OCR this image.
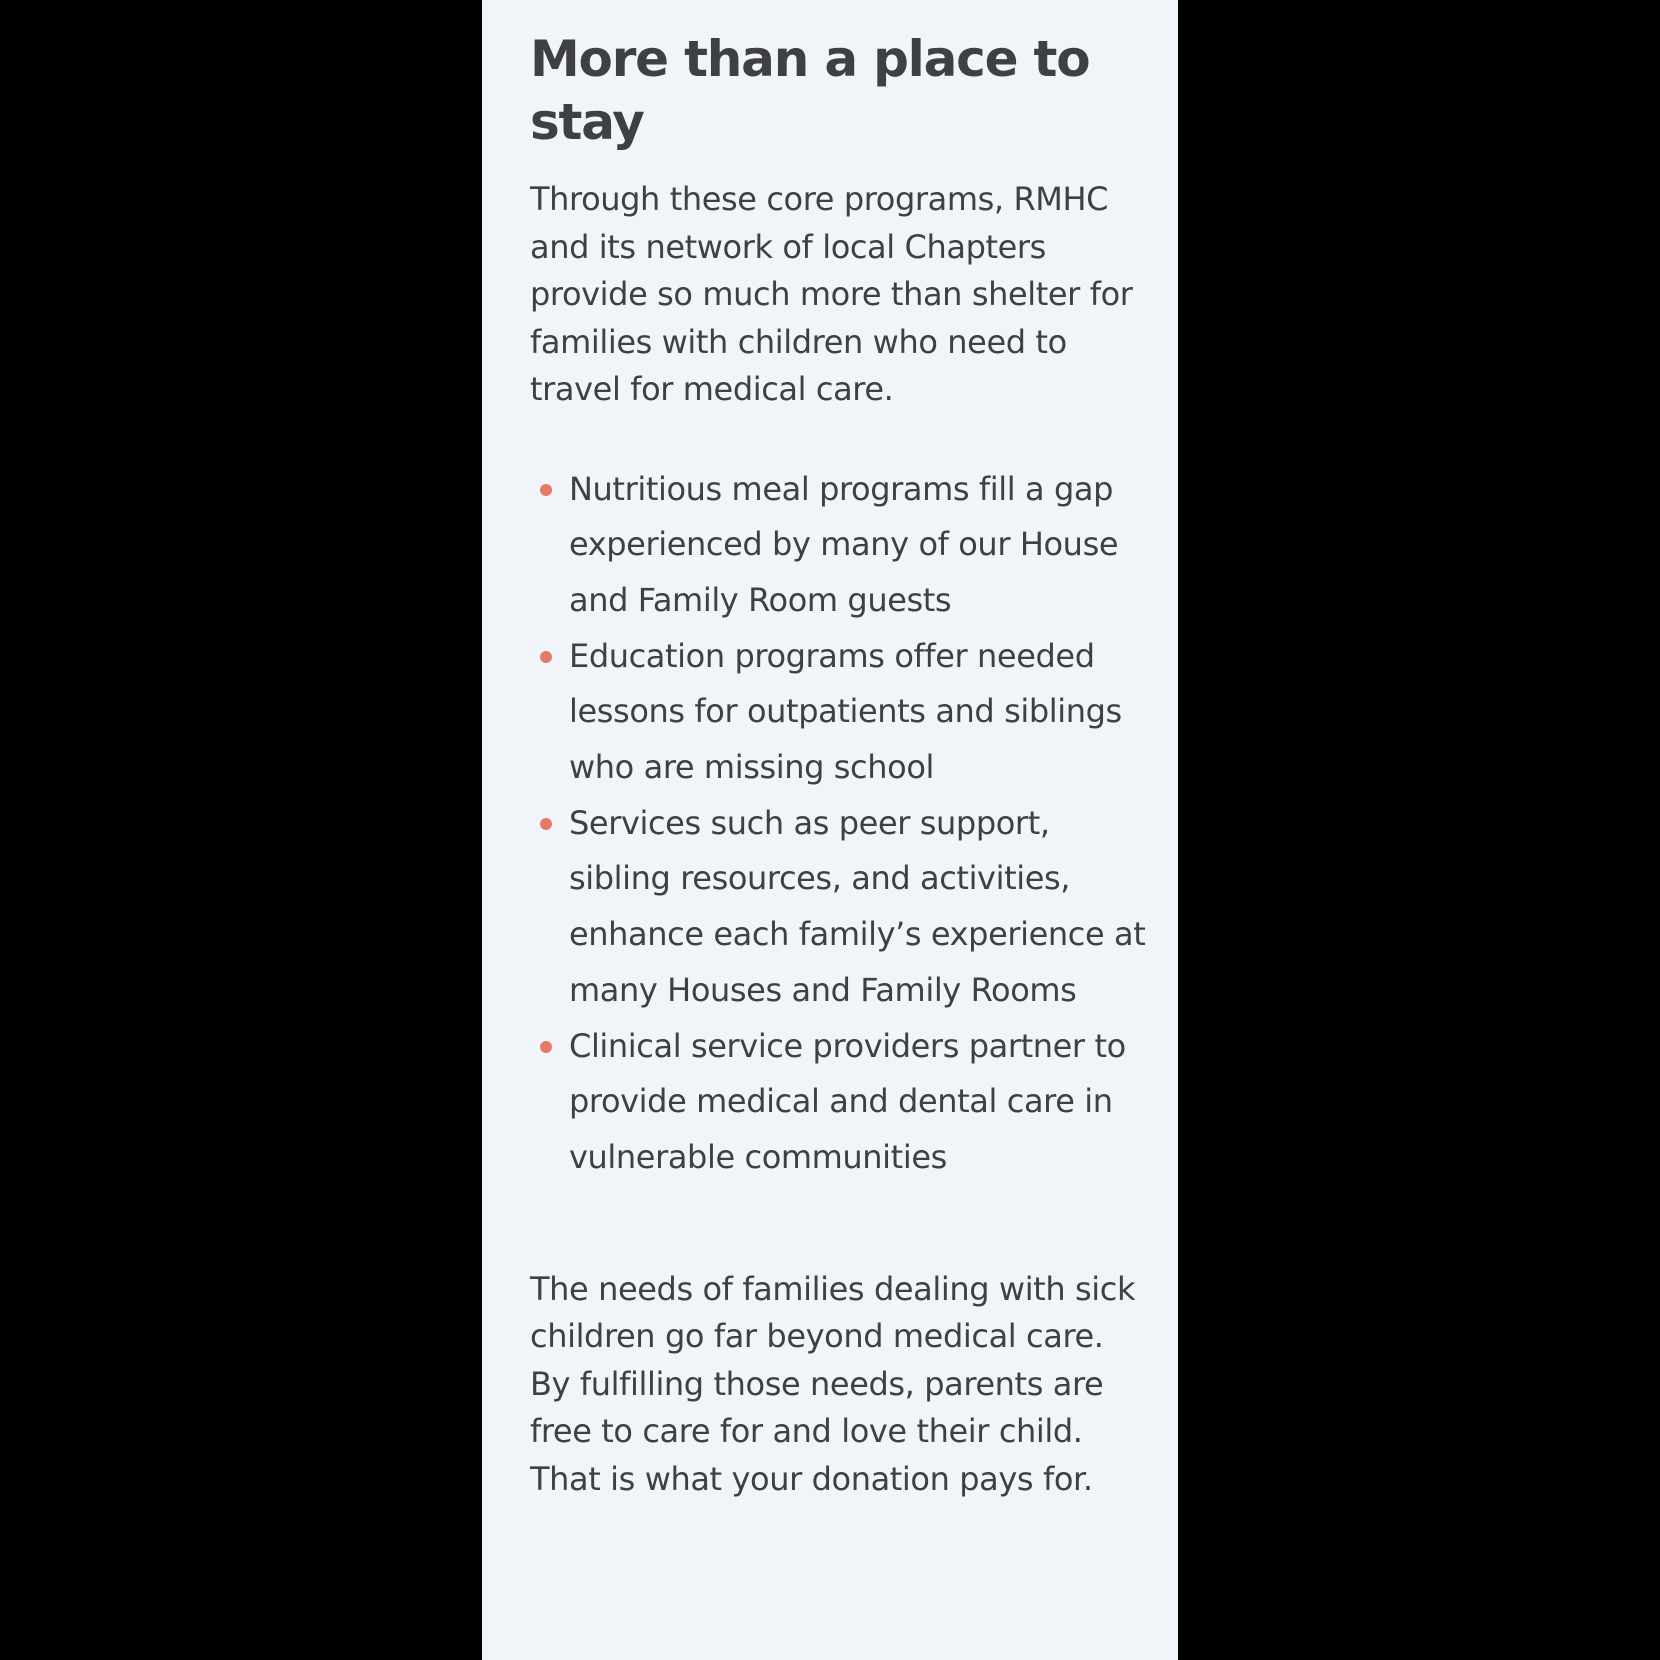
More than a place to stay

Through these core programs, RMHC and its network of local Chapters provide so much more than shelter for families with children who need to travel for medical care.

Nutritious meal programs fill a gap experienced by many of our House and Family Room guests
Education programs offer needed lessons for outpatients and siblings who are missing school
Services such as peer support, sibling resources, and activities, enhance each family’s experience at many Houses and Family Rooms
Clinical service providers partner to provide medical and dental care in vulnerable communities

The needs of families dealing with sick children go far beyond medical care. By fulfilling those needs, parents are free to care for and love their child. That is what your donation pays for.
